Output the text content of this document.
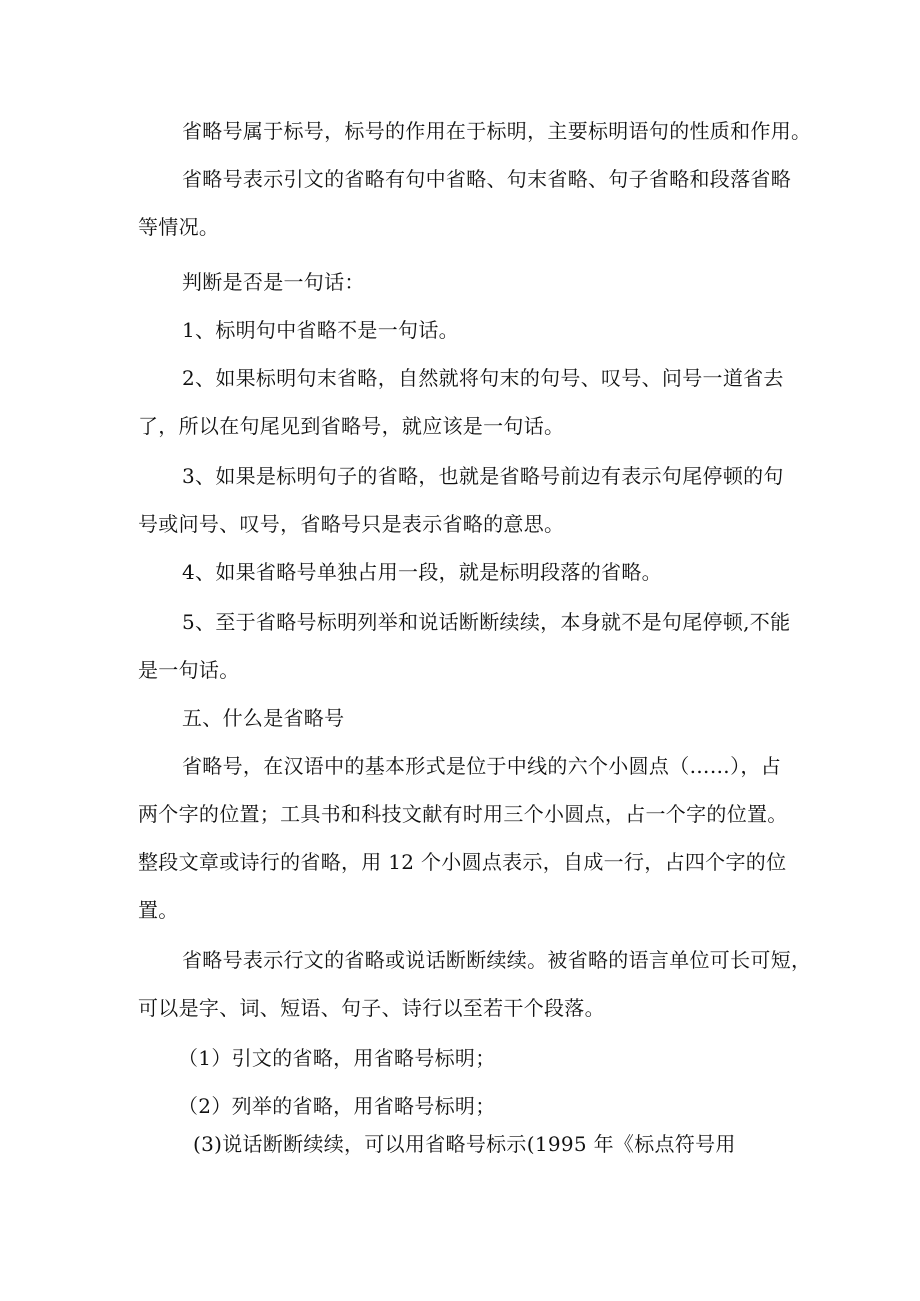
省略号属于标号，标号的作用在于标明，主要标明语句的性质和作用。
省略号表示引文的省略有句中省略、句末省略、句子省略和段落省略
等情况。
判断是否是一句话：
1、标明句中省略不是一句话。
2、如果标明句末省略，自然就将句末的句号、叹号、问号一道省去
了，所以在句尾见到省略号，就应该是一句话。
3、如果是标明句子的省略，也就是省略号前边有表示句尾停顿的句
号或问号、叹号，省略号只是表示省略的意思。
4、如果省略号单独占用一段，就是标明段落的省略。
5、至于省略号标明列举和说话断断续续，本身就不是句尾停顿,不能
是一句话。
五、什么是省略号
省略号，在汉语中的基本形式是位于中线的六个小圆点（……），占
两个字的位置；工具书和科技文献有时用三个小圆点，占一个字的位置。
整段文章或诗行的省略，用 12 个小圆点表示，自成一行，占四个字的位
置。
省略号表示行文的省略或说话断断续续。被省略的语言单位可长可短，
可以是字、词、短语、句子、诗行以至若干个段落。
（1）引文的省略，用省略号标明；
（2）列举的省略，用省略号标明；
(3)说话断断续续，可以用省略号标示(1995 年《标点符号用
